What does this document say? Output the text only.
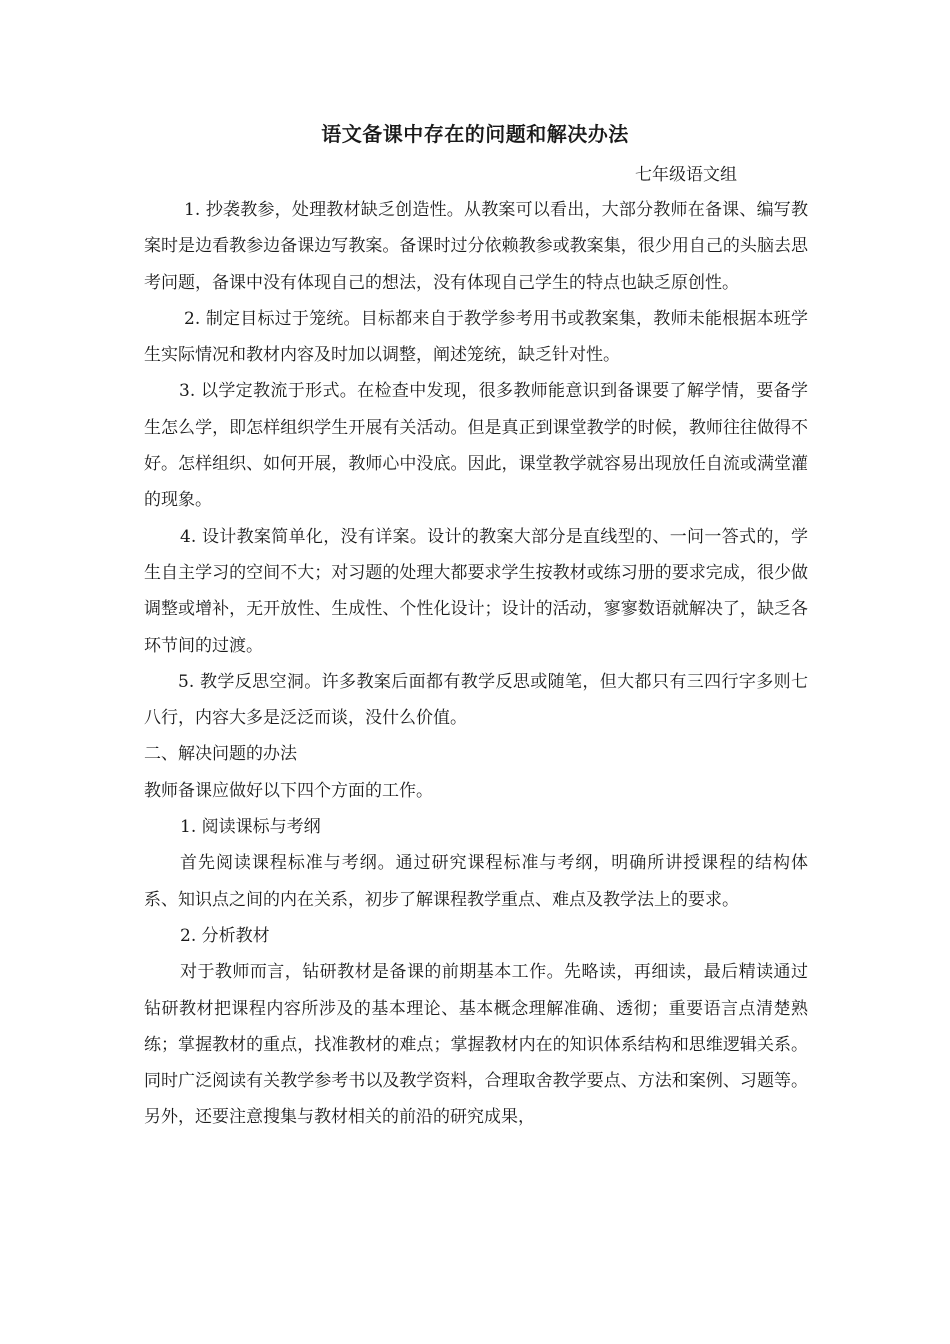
语文备课中存在的问题和解决办法
七年级语文组

1. 抄袭教参，处理教材缺乏创造性。从教案可以看出，大部分教师在备课、编写教案时是边看教参边备课边写教案。备课时过分依赖教参或教案集，很少用自己的头脑去思考问题，备课中没有体现自己的想法，没有体现自己学生的特点也缺乏原创性。

2. 制定目标过于笼统。目标都来自于教学参考用书或教案集，教师未能根据本班学生实际情况和教材内容及时加以调整，阐述笼统，缺乏针对性。

3. 以学定教流于形式。在检查中发现，很多教师能意识到备课要了解学情，要备学生怎么学，即怎样组织学生开展有关活动。但是真正到课堂教学的时候，教师往往做得不好。怎样组织、如何开展，教师心中没底。因此，课堂教学就容易出现放任自流或满堂灌的现象。

4. 设计教案简单化，没有详案。设计的教案大部分是直线型的、一问一答式的，学生自主学习的空间不大；对习题的处理大都要求学生按教材或练习册的要求完成，很少做调整或增补，无开放性、生成性、个性化设计；设计的活动，寥寥数语就解决了，缺乏各环节间的过渡。

5. 教学反思空洞。许多教案后面都有教学反思或随笔，但大都只有三四行字多则七八行，内容大多是泛泛而谈，没什么价值。

二、解决问题的办法

教师备课应做好以下四个方面的工作。

1. 阅读课标与考纲

首先阅读课程标准与考纲。通过研究课程标准与考纲，明确所讲授课程的结构体系、知识点之间的内在关系，初步了解课程教学重点、难点及教学法上的要求。

2. 分析教材

对于教师而言，钻研教材是备课的前期基本工作。先略读，再细读，最后精读通过钻研教材把课程内容所涉及的基本理论、基本概念理解准确、透彻；重要语言点清楚熟练；掌握教材的重点，找准教材的难点；掌握教材内在的知识体系结构和思维逻辑关系。同时广泛阅读有关教学参考书以及教学资料，合理取舍教学要点、方法和案例、习题等。另外，还要注意搜集与教材相关的前沿的研究成果，
